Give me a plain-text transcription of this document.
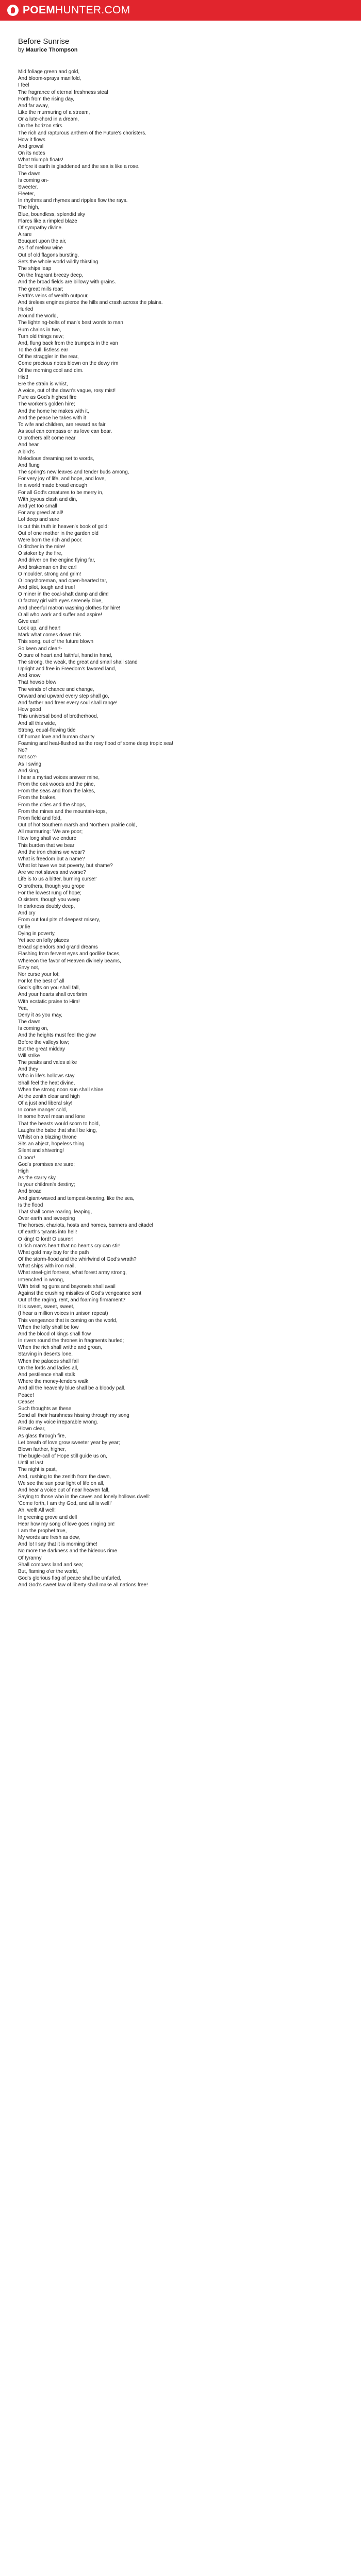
POEMHUNTER.COM
Before Sunrise
by Maurice Thompson
Mid foliage green and gold,
And bloom-sprays manifold,
I feel
The fragrance of eternal freshness steal
Forth from the rising day,
And far away,
Like the murmuring of a stream,
Or a lute-chord in a dream,
On the horizon stirs
The rich and rapturous anthem of the Future's choristers.
How it flows
And grows!
On its notes
What triumph floats!
Before it earth is gladdened and the sea is like a rose.
The dawn
Is coming on-
Sweeter,
Fleeter,
In rhythms and rhymes and ripples flow the rays.
The high,
Blue, boundless, splendid sky
Flares like a rimpled blaze
Of sympathy divine.
A rare
Bouquet upon the air,
As if of mellow wine
Out of old flagons bursting,
Sets the whole world wildly thirsting.
The ships leap
On the fragrant breezy deep,
And the broad fields are billowy with grains.
The great mills roar;
Earth's veins of wealth outpour,
And tireless engines pierce the hills and crash across the plains.
Hurled
Around the world,
The lightning-bolts of man's best words to man
Burn chains in two,
Turn old things new;
And, flung back from the trumpets in the van
To the dull, listless ear
Of the straggler in the rear,
Come precious notes blown on the dewy rim
Of the morning cool and dim.
Hist!
Ere the strain is whist,
A voice, out of the dawn's vague, rosy mist!
Pure as God's highest fire
The worker's golden hire;
And the home he makes with it,
And the peace he takes with it
To wife and children, are reward as fair
As soul can compass or as love can bear.
O brothers all! come near
And hear
A bird's
Melodious dreaming set to words,
And flung
The spring's new leaves and tender buds among,
For very joy of life, and hope, and love,
In a world made broad enough
For all God's creatures to be merry in,
With joyous clash and din,
And yet too small
For any greed at all!
Lo! deep and sure
Is cut this truth in heaven's book of gold:
Out of one mother in the garden old
Were born the rich and poor.
O ditcher in the mire!
O stoker by the fire,
And driver on the engine flying far,
And brakeman on the car!
O moulder, strong and grim!
O longshoreman, and open-hearted tar,
And pilot, tough and true!
O miner in the coal-shaft damp and dim!
O factory girl with eyes serenely blue,
And cheerful matron washing clothes for hire!
O all who work and suffer and aspire!
Give ear!
Look up, and hear!
Mark what comes down this
This song, out of the future blown
So keen and clear!-
O pure of heart and faithful, hand in hand,
The strong, the weak, the great and small shall stand
Upright and free in Freedom's favored land,
And know
That howso blow
The winds of chance and change,
Onward and upward every step shall go,
And farther and freer every soul shall range!
How good
This universal bond of brotherhood,
And all this wide,
Strong, equal-flowing tide
Of human love and human charity
Foaming and heat-flushed as the rosy flood of some deep tropic sea!
No?
Not so?-
As I swing
And sing,
I hear a myriad voices answer mine,
From the oak woods and the pine,
From the seas and from the lakes,
From the brakes,
From the cities and the shops,
From the mines and the mountain-tops,
From field and fold,
Out of hot Southern marsh and Northern prairie cold,
All murmuring: 'We are poor;
How long shall we endure
This burden that we bear
And the iron chains we wear?
What is freedom but a name?
What lot have we but poverty, but shame?
Are we not slaves and worse?
Life is to us a bitter, burning curse!'
O brothers, though you grope
For the lowest rung of hope;
O sisters, though you weep
In darkness doubly deep,
And cry
From out foul pits of deepest misery,
Or lie
Dying in poverty,
Yet see on lofty places
Broad splendors and grand dreams
Flashing from fervent eyes and godlike faces,
Whereon the favor of Heaven divinely beams,
Envy not,
Nor curse your lot;
For lo! the best of all
God's gifts on you shall fall,
And your hearts shall overbrim
With ecstatic praise to Him!
Yea,
Deny it as you may,
The dawn
Is coming on,
And the heights must feel the glow
Before the valleys low;
But the great midday
Will strike
The peaks and vales alike
And they
Who in life's hollows stay
Shall feel the heat divine,
When the strong noon sun shall shine
At the zenith clear and high
Of a just and liberal sky!
In come manger cold,
In some hovel mean and lone
That the beasts would scorn to hold,
Laughs the babe that shall be king,
Whilst on a blazing throne
Sits an abject, hopeless thing
Silent and shivering!
O poor!
God's promises are sure;
High
As the starry sky
Is your children's destiny;
And broad
And giant-waved and tempest-bearing, like the sea,
Is the flood
That shall come roaring, leaping,
Over earth and sweeping
The horses, chariots, hosts and homes, banners and citadel
Of earth's tyrants into hell!
O king! O lord! O usurer!
O rich man's heart that no heart's cry can stir!
What gold may buy for the path
Of the storm-flood and the whirlwind of God's wrath?
What ships with iron mail,
What steel-girt fortress, what forest army strong,
Intrenched in wrong,
With bristling guns and bayonets shall avail
Against the crushing missiles of God's vengeance sent
Out of the raging, rent, and foaming firmament?
It is sweet, sweet, sweet,
(I hear a million voices in unison repeat)
This vengeance that is coming on the world,
When the lofty shall be low
And the blood of kings shall flow
In rivers round the thrones in fragments hurled;
When the rich shall writhe and groan,
Starving in deserts lone,
When the palaces shall fall
On the lords and ladies all,
And pestilence shall stalk
Where the money-lenders walk,
And all the heavenly blue shall be a bloody pall.
Peace!
Cease!
Such thoughts as these
Send all their harshness hissing through my song
And do my voice irreparable wrong.
Blown clear,
As glass through fire,
Let breath of love grow sweeter year by year;
Blown farther, higher,
The bugle-call of Hope still guide us on,
Until at last
The night is past,
And, rushing to the zenith from the dawn,
We see the sun pour light of life on all,
And hear a voice out of near heaven fall,
Saying to those who in the caves and lonely hollows dwell:
'Come forth, I am thy God, and all is well!'
Ah, well! All well!
In greening grove and dell
Hear how my song of love goes ringing on!
I am the prophet true,
My words are fresh as dew,
And lo! I say that it is morning time!
No more the darkness and the hideous rime
Of tyranny
Shall compass land and sea;
But, flaming o'er the world,
God's glorious flag of peace shall be unfurled,
And God's sweet law of liberty shall make all nations free!
